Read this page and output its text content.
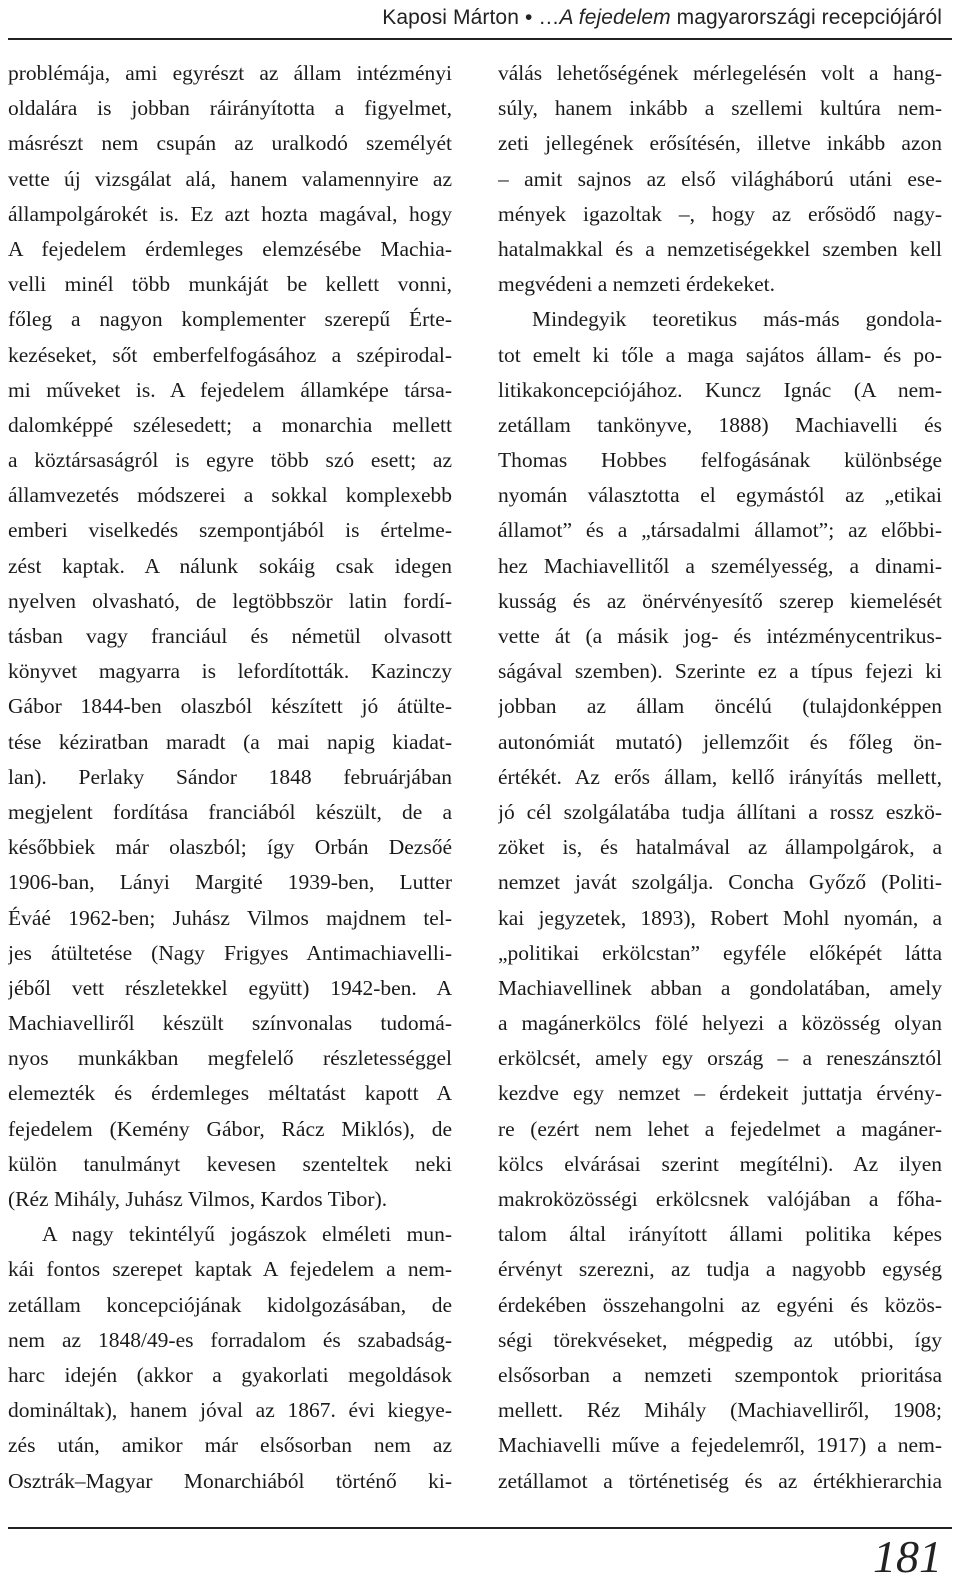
Kaposi Márton • …A fejedelem magyarországi recepciójáról
problémája, ami egyrészt az állam intézményi
oldalára is jobban ráirányította a figyelmet,
másrészt nem csupán az uralkodó személyét
vette új vizsgálat alá, hanem valamennyire az
állampolgárokét is. Ez azt hozta magával, hogy
A fejedelem érdemleges elemzésébe Machia-
velli minél több munkáját be kellett vonni,
főleg a nagyon komplementer szerepű Érte-
kezéseket, sőt emberfelfogásához a szépirodal-
mi műveket is. A fejedelem államképe társa-
dalomképpé szélesedett; a monarchia mellett
a köztársaságról is egyre több szó esett; az
államvezetés módszerei a sokkal komplexebb
emberi viselkedés szempontjából is értelme-
zést kaptak. A nálunk sokáig csak idegen
nyelven olvasható, de legtöbbször latin fordí-
tásban vagy franciául és németül olvasott
könyvet magyarra is lefordították. Kazinczy
Gábor 1844-ben olaszból készített jó átülte-
tése kéziratban maradt (a mai napig kiadat-
lan). Perlaky Sándor 1848 februárjában
megjelent fordítása franciából készült, de a
későbbiek már olaszból; így Orbán Dezsőé
1906-ban, Lányi Margité 1939-ben, Lutter
Éváé 1962-ben; Juhász Vilmos majdnem tel-
jes átültetése (Nagy Frigyes Antimachiavelli-
jéből vett részletekkel együtt) 1942-ben. A
Machiavelliről készült színvonalas tudomá-
nyos munkákban megfelelő részletességgel
elemezték és érdemleges méltatást kapott A
fejedelem (Kemény Gábor, Rácz Miklós), de
külön tanulmányt kevesen szenteltek neki
(Réz Mihály, Juhász Vilmos, Kardos Tibor).
A nagy tekintélyű jogászok elméleti mun-
kái fontos szerepet kaptak A fejedelem a nem-
zetállam koncepciójának kidolgozásában, de
nem az 1848/49-es forradalom és szabadság-
harc idején (akkor a gyakorlati megoldások
domináltak), hanem jóval az 1867. évi kiegye-
zés után, amikor már elsősorban nem az
Osztrák–Magyar Monarchiából történő ki-
válás lehetőségének mérlegelésén volt a hang-
súly, hanem inkább a szellemi kultúra nem-
zeti jellegének erősítésén, illetve inkább azon
– amit sajnos az első világháború utáni ese-
mények igazoltak –, hogy az erősödő nagy-
hatalmakkal és a nemzetiségekkel szemben kell
megvédeni a nemzeti érdekeket.
Mindegyik teoretikus más-más gondola-
tot emelt ki tőle a maga sajátos állam- és po-
litikakoncepciójához. Kuncz Ignác (A nem-
zetállam tankönyve, 1888) Machiavelli és
Thomas Hobbes felfogásának különbsége
nyomán választotta el egymástól az „etikai
államot” és a „társadalmi államot”; az előbbi-
hez Machiavellitől a személyesség, a dinami-
kusság és az önérvényesítő szerep kiemelését
vette át (a másik jog- és intézménycentrikus-
ságával szemben). Szerinte ez a típus fejezi ki
jobban az állam öncélú (tulajdonképpen
autonómiát mutató) jellemzőit és főleg ön-
értékét. Az erős állam, kellő irányítás mellett,
jó cél szolgálatába tudja állítani a rossz eszkö-
zöket is, és hatalmával az állampolgárok, a
nemzet javát szolgálja. Concha Győző (Politi-
kai jegyzetek, 1893), Robert Mohl nyomán, a
„politikai erkölcstan” egyféle előképét látta
Machiavellinek abban a gondolatában, amely
a magánerkölcs fölé helyezi a közösség olyan
erkölcsét, amely egy ország – a reneszánsztól
kezdve egy nemzet – érdekeit juttatja érvény-
re (ezért nem lehet a fejedelmet a magáner-
kölcs elvárásai szerint megítélni). Az ilyen
makroközösségi erkölcsnek valójában a főha-
talom által irányított állami politika képes
érvényt szerezni, az tudja a nagyobb egység
érdekében összehangolni az egyéni és közös-
ségi törekvéseket, mégpedig az utóbbi, így
elsősorban a nemzeti szempontok prioritása
mellett. Réz Mihály (Machiavelliről, 1908;
Machiavelli műve a fejedelemről, 1917) a nem-
zetállamot a történetiség és az értékhierarchia
181
